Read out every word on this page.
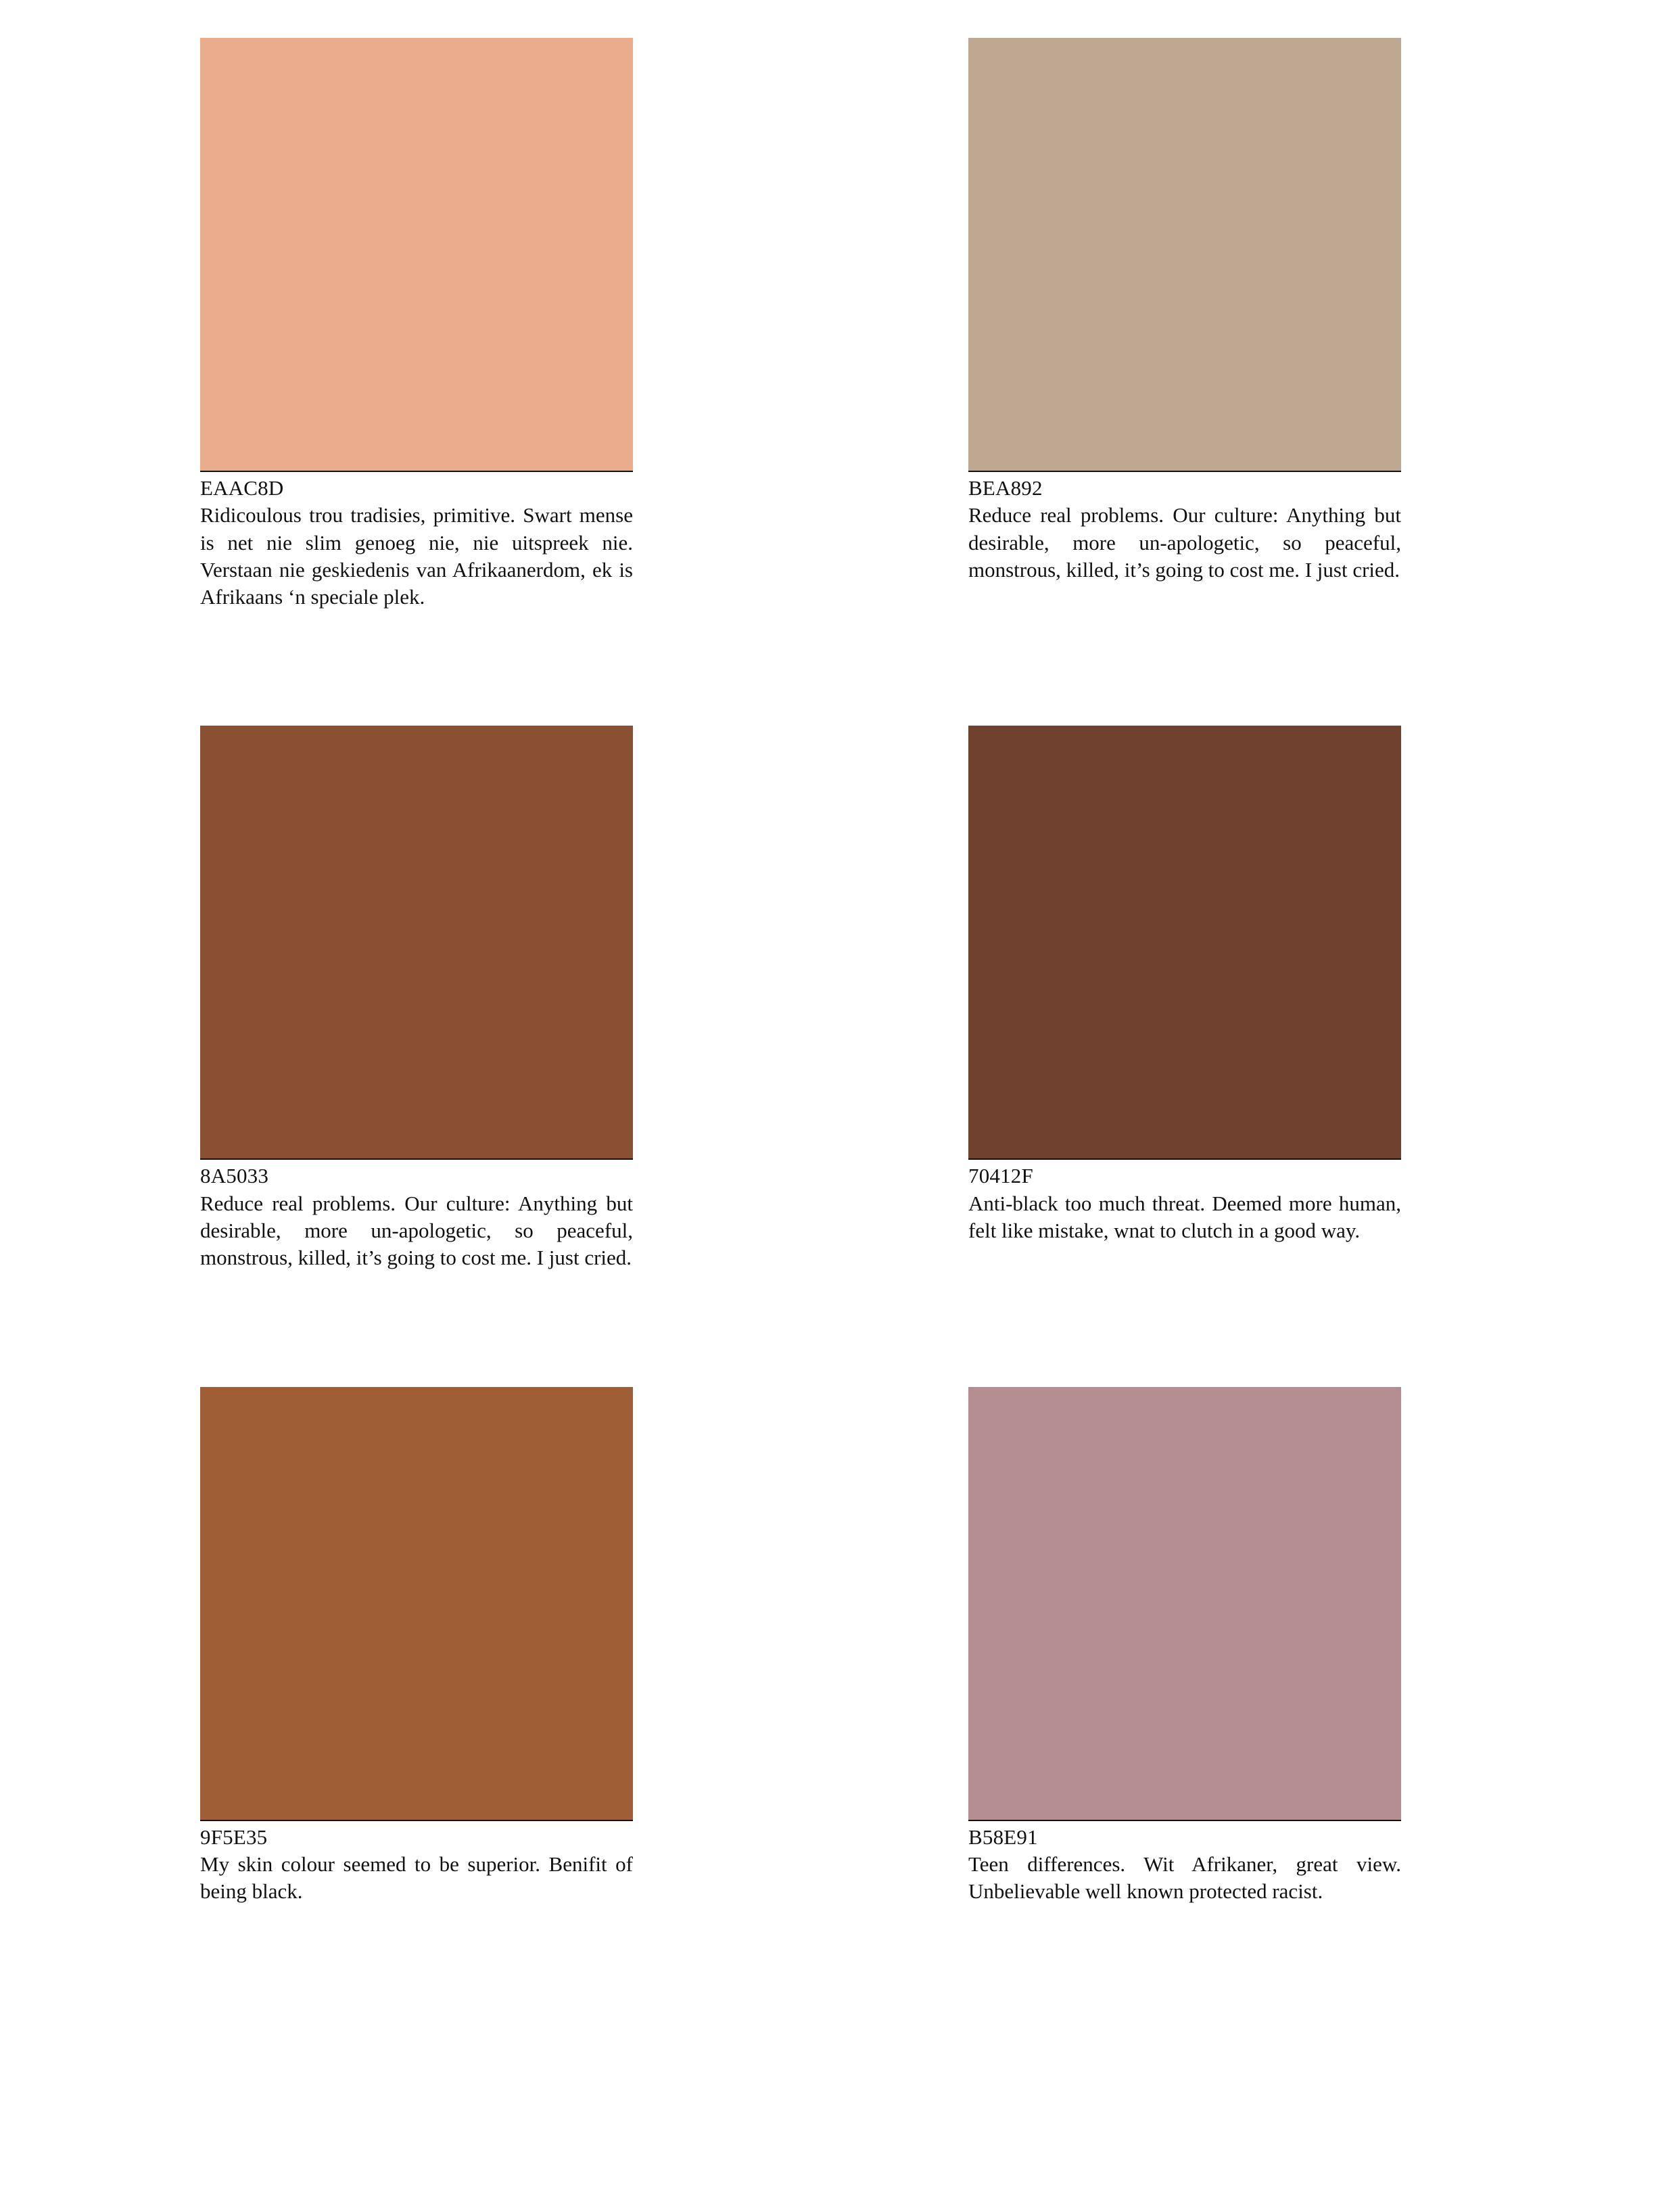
EAAC8D

Ridicoulous trou tradisies, primitive. Swart mense is net nie slim genoeg nie, nie uitspreek nie. Verstaan nie geskiedenis van Afrikaanerdom, ek is Afrikaans ‘n speciale plek.

BEA892

Reduce real problems. Our culture: Anything but desirable, more un-apologetic, so peaceful, monstrous, killed, it’s going to cost me. I just cried.

8A5033

Reduce real problems. Our culture: Anything but desirable, more un-apologetic, so peaceful, monstrous, killed, it’s going to cost me. I just cried.

70412F

Anti-black too much threat. Deemed more human, felt like mistake, wnat to clutch in a good way.

9F5E35

My skin colour seemed to be superior. Benifit of being black.

B58E91

Teen differences. Wit Afrikaner, great view. Unbelievable well known protected racist.
